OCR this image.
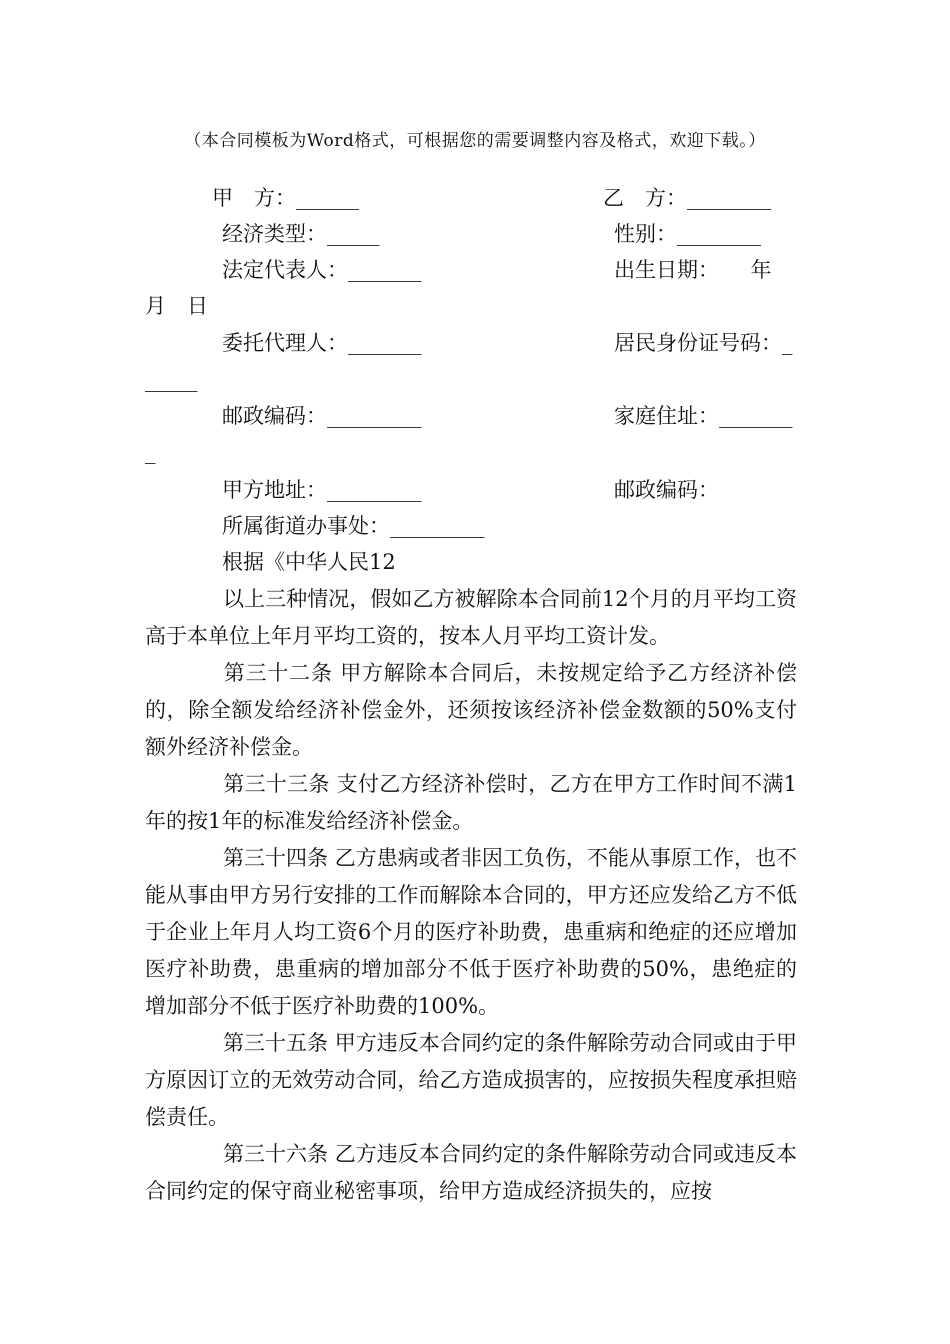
（本合同模板为Word格式，可根据您的需要调整内容及格式，欢迎下载。）
甲　方：______	乙　方：________
经济类型：_____	性别：________
法定代表人：_______	出生日期：　　年
月　日
委托代理人：_______	居民身份证号码：_
_____
邮政编码：_________	家庭住址：_______
_
甲方地址：_________	邮政编码：
所属街道办事处：_________
根据《中华人民12
以上三种情况，假如乙方被解除本合同前12个月的月平均工资高于本单位上年月平均工资的，按本人月平均工资计发。
第三十二条 甲方解除本合同后，未按规定给予乙方经济补偿的，除全额发给经济补偿金外，还须按该经济补偿金数额的50%支付额外经济补偿金。
第三十三条 支付乙方经济补偿时，乙方在甲方工作时间不满1年的按1年的标准发给经济补偿金。
第三十四条 乙方患病或者非因工负伤，不能从事原工作，也不能从事由甲方另行安排的工作而解除本合同的，甲方还应发给乙方不低于企业上年月人均工资6个月的医疗补助费，患重病和绝症的还应增加医疗补助费，患重病的增加部分不低于医疗补助费的50%，患绝症的增加部分不低于医疗补助费的100%。
第三十五条 甲方违反本合同约定的条件解除劳动合同或由于甲方原因订立的无效劳动合同，给乙方造成损害的，应按损失程度承担赔偿责任。
第三十六条 乙方违反本合同约定的条件解除劳动合同或违反本合同约定的保守商业秘密事项，给甲方造成经济损失的，应按
